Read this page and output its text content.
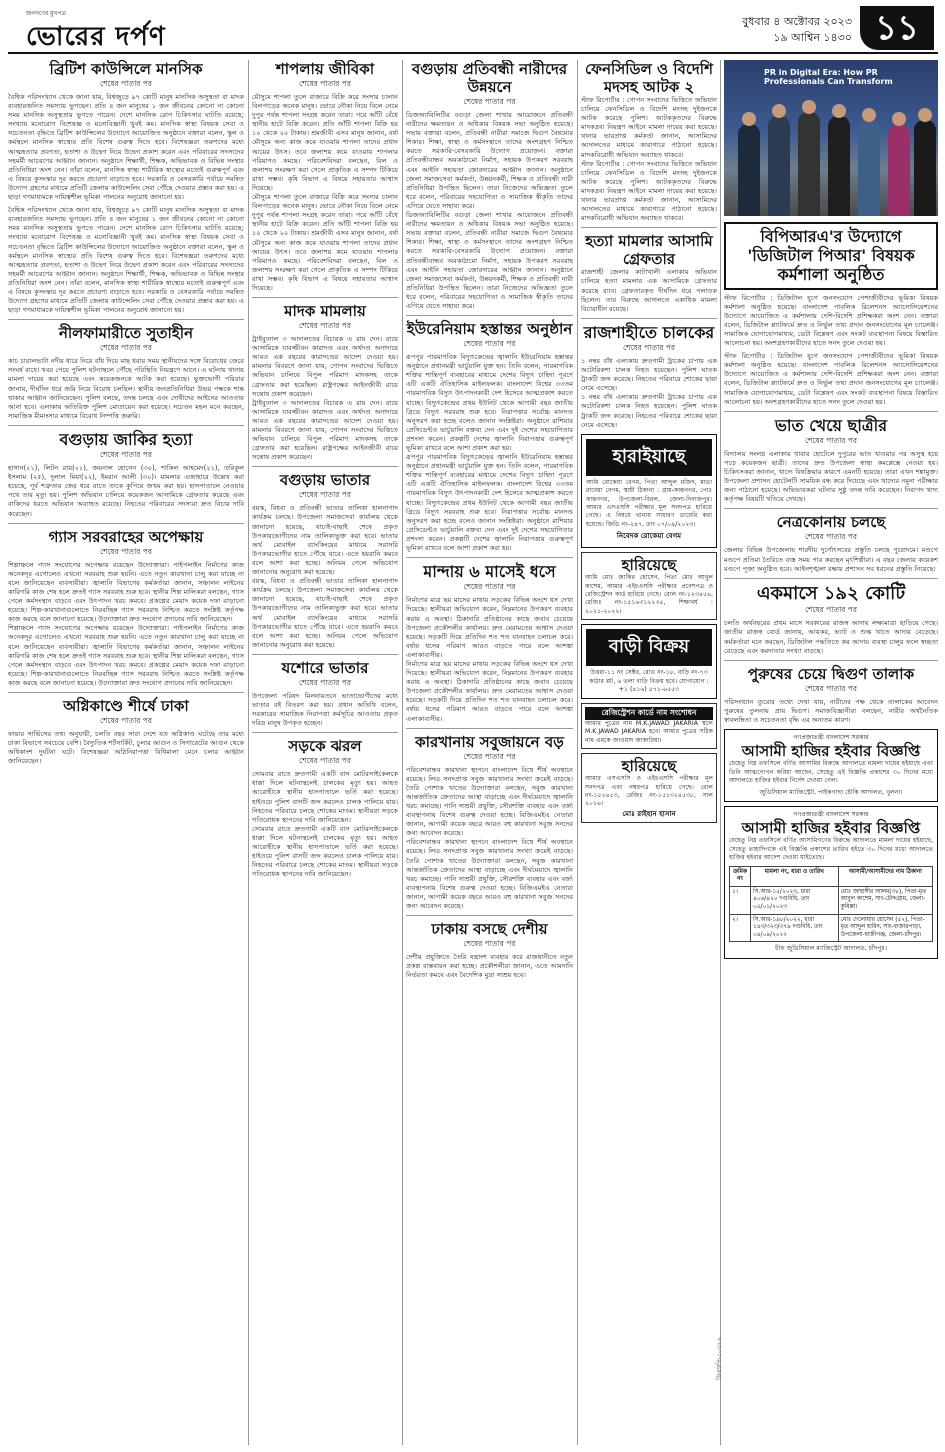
জনগণের মুখপত্র
ভোরের দর্পণ
বুধবার ৪ অক্টোবর ২০২৩
১৯ আশ্বিন ১৪৩০ ১১
ব্রিটিশ কাউন্সিলে মানসিক
শেষের পাতার পর
বৈশ্বিক পরিসংখ্যান থেকে জানা যায়, বিশ্বজুড়ে ৯৭ কোটি মানুষ মানসিক অসুস্থতা বা মাদক ব্যবহারজনিত সমস্যায় ভুগছেন। প্রতি ৪ জন মানুষের ১ জন জীবনের কোনো না কোনো সময় মানসিক অসুস্থতায় ভুগতে পারেন। দেশে মানসিক রোগ চিকিৎসার ঘাটতি রয়েছে; সংখ্যায় মনোরোগ বিশেষজ্ঞ ও মনোবিজ্ঞানী খুবই কম। মানসিক স্বাস্থ্য বিষয়ক সেবা ও সচেতনতা বৃদ্ধিতে ব্রিটিশ কাউন্সিলের উদ্যোগে আয়োজিত অনুষ্ঠানে বক্তারা বলেন, স্কুল ও কর্মস্থলে মানসিক স্বাস্থ্যের প্রতি বিশেষ গুরুত্ব দিতে হবে। বিশেষজ্ঞরা তরুণদের মধ্যে আত্মহত্যার প্রবণতা, হতাশা ও উদ্বেগ নিয়ে উদ্বেগ প্রকাশ করেন এবং পরিবারের সদস্যদের সহমর্মী আচরণের আহ্বান জানান। অনুষ্ঠানে শিক্ষার্থী, শিক্ষক, অভিভাবক ও বিভিন্ন সংস্থার প্রতিনিধিরা অংশ নেন। তাঁরা বলেন, মানসিক স্বাস্থ্য শারীরিক স্বাস্থ্যের মতোই গুরুত্বপূর্ণ এবং এ বিষয়ে কুসংস্কার দূর করতে প্রচারণা বাড়াতে হবে। সরকারি ও বেসরকারি পর্যায়ে সমন্বিত উদ্যোগ গ্রহণের মাধ্যমে প্রতিটি জেলায় কাউন্সেলিং সেবা পৌঁছে দেওয়ার প্রস্তাব করা হয়। এ ছাড়া গণমাধ্যমকে দায়িত্বশীল ভূমিকা পালনের অনুরোধ জানানো হয়।
বৈশ্বিক পরিসংখ্যান থেকে জানা যায়, বিশ্বজুড়ে ৯৭ কোটি মানুষ মানসিক অসুস্থতা বা মাদক ব্যবহারজনিত সমস্যায় ভুগছেন। প্রতি ৪ জন মানুষের ১ জন জীবনের কোনো না কোনো সময় মানসিক অসুস্থতায় ভুগতে পারেন। দেশে মানসিক রোগ চিকিৎসার ঘাটতি রয়েছে; সংখ্যায় মনোরোগ বিশেষজ্ঞ ও মনোবিজ্ঞানী খুবই কম। মানসিক স্বাস্থ্য বিষয়ক সেবা ও সচেতনতা বৃদ্ধিতে ব্রিটিশ কাউন্সিলের উদ্যোগে আয়োজিত অনুষ্ঠানে বক্তারা বলেন, স্কুল ও কর্মস্থলে মানসিক স্বাস্থ্যের প্রতি বিশেষ গুরুত্ব দিতে হবে। বিশেষজ্ঞরা তরুণদের মধ্যে আত্মহত্যার প্রবণতা, হতাশা ও উদ্বেগ নিয়ে উদ্বেগ প্রকাশ করেন এবং পরিবারের সদস্যদের সহমর্মী আচরণের আহ্বান জানান। অনুষ্ঠানে শিক্ষার্থী, শিক্ষক, অভিভাবক ও বিভিন্ন সংস্থার প্রতিনিধিরা অংশ নেন। তাঁরা বলেন, মানসিক স্বাস্থ্য শারীরিক স্বাস্থ্যের মতোই গুরুত্বপূর্ণ এবং এ বিষয়ে কুসংস্কার দূর করতে প্রচারণা বাড়াতে হবে। সরকারি ও বেসরকারি পর্যায়ে সমন্বিত উদ্যোগ গ্রহণের মাধ্যমে প্রতিটি জেলায় কাউন্সেলিং সেবা পৌঁছে দেওয়ার প্রস্তাব করা হয়। এ ছাড়া গণমাধ্যমকে দায়িত্বশীল ভূমিকা পালনের অনুরোধ জানানো হয়।
নীলফামারীতে সুতাহীন
শেষের পাতার পর
কাচ চারালভাটা নদীর ধারে নিয়ে বাঁধ দিয়ে মাছ ধরার সময় স্থানীয়দের সঙ্গে বিরোধের জেরে সংঘর্ষ বাধে। খবর পেয়ে পুলিশ ঘটনাস্থলে পৌঁছে পরিস্থিতি নিয়ন্ত্রণে আনে। এ ঘটনায় থানায় মামলা দায়ের করা হয়েছে এবং কয়েকজনকে আটক করা হয়েছে। ভুক্তভোগী পরিবার জানায়, দীর্ঘদিন ধরে জমি নিয়ে বিরোধ চলছিল। স্থানীয় জনপ্রতিনিধিরা উভয় পক্ষকে শান্ত থাকার আহ্বান জানিয়েছেন। পুলিশ বলছে, তদন্ত চলছে এবং দোষীদের আইনের আওতায় আনা হবে। এলাকায় অতিরিক্ত পুলিশ মোতায়েন করা হয়েছে। সচেতন মহল মনে করছেন, সামাজিক মীমাংসার মাধ্যমে বিরোধ নিষ্পত্তি জরুরি।
বগুড়ায় জাকির হত্যা
শেষের পাতার পর
হাসান(২১), লিটন রায়(২১), জয়নাল হোসেন (৩০), শাকিল আহমেদ(২১), তরিকুল ইসলাম (২৫), দুলাল মিয়া(২২), ইমরান আলী (৩০)। মামলার এজাহারে উল্লেখ করা হয়েছে, পূর্ব শত্রুতার জের ধরে রাতে তাকে কুপিয়ে জখম করা হয়। হাসপাতালে নেওয়ার পথে তার মৃত্যু হয়। পুলিশ অভিযান চালিয়ে কয়েকজন আসামিকে গ্রেফতার করেছে এবং বাকিদের ধরতে অভিযান অব্যাহত রয়েছে। নিহতের পরিবারের সদস্যরা দ্রুত বিচার দাবি করেছেন।
গ্যাস সরবরাহের অপেক্ষায়
শেষের পাতার পর
শিল্পাঞ্চলে গ্যাস সংযোগের অপেক্ষায় রয়েছেন উদ্যোক্তারা। পাইপলাইন নির্মাণের কাজ অনেকদূর এগোলেও এখনো সরবরাহ শুরু হয়নি। এতে নতুন কারখানা চালু করা যাচ্ছে না বলে জানিয়েছেন ব্যবসায়ীরা। জ্বালানি বিভাগের কর্মকর্তারা জানান, সঞ্চালন লাইনের কারিগরি কাজ শেষ হলে দ্রুতই গ্যাস সরবরাহ শুরু হবে। স্থানীয় শিল্প মালিকরা বলছেন, গ্যাস পেলে কর্মসংস্থান বাড়বে এবং উৎপাদন খরচ কমবে। প্রকল্পের মেয়াদ কয়েক দফা বাড়ানো হয়েছে। শিল্প-কারখানাগুলোতে নিরবচ্ছিন্ন গ্যাস সরবরাহ নিশ্চিত করতে সংশ্লিষ্ট কর্তৃপক্ষ কাজ করছে বলে জানানো হয়েছে। উদ্যোক্তারা দ্রুত সংযোগ প্রদানের দাবি জানিয়েছেন।
শিল্পাঞ্চলে গ্যাস সংযোগের অপেক্ষায় রয়েছেন উদ্যোক্তারা। পাইপলাইন নির্মাণের কাজ অনেকদূর এগোলেও এখনো সরবরাহ শুরু হয়নি। এতে নতুন কারখানা চালু করা যাচ্ছে না বলে জানিয়েছেন ব্যবসায়ীরা। জ্বালানি বিভাগের কর্মকর্তারা জানান, সঞ্চালন লাইনের কারিগরি কাজ শেষ হলে দ্রুতই গ্যাস সরবরাহ শুরু হবে। স্থানীয় শিল্প মালিকরা বলছেন, গ্যাস পেলে কর্মসংস্থান বাড়বে এবং উৎপাদন খরচ কমবে। প্রকল্পের মেয়াদ কয়েক দফা বাড়ানো হয়েছে। শিল্প-কারখানাগুলোতে নিরবচ্ছিন্ন গ্যাস সরবরাহ নিশ্চিত করতে সংশ্লিষ্ট কর্তৃপক্ষ কাজ করছে বলে জানানো হয়েছে। উদ্যোক্তারা দ্রুত সংযোগ প্রদানের দাবি জানিয়েছেন।
অগ্নিকাণ্ডে শীর্ষে ঢাকা
শেষের পাতার পর
ফায়ার সার্ভিসের তথ্য অনুযায়ী, চলতি বছর সারা দেশে যত অগ্নিকাণ্ড ঘটেছে তার মধ্যে ঢাকা বিভাগে সবচেয়ে বেশি। বৈদ্যুতিক শর্টসার্কিট, চুলার আগুন ও সিগারেটের আগুন থেকে অধিকাংশ দুর্ঘটনা ঘটে। বিশেষজ্ঞরা অগ্নিনিরাপত্তা বিধিমালা মেনে চলার আহ্বান জানিয়েছেন।
শাপলায় জীবিকা
শেষের পাতার পর
মৌসুমে শাপলা তুলে বাজারে বিক্রি করে সংসার চালান বিলপাড়ের অনেক মানুষ। ভোরে নৌকা নিয়ে বিলে নেমে দুপুর পর্যন্ত শাপলা সংগ্রহ করেন তারা। পরে আঁটি বেঁধে স্থানীয় হাটে বিক্রি করেন। প্রতি আঁটি শাপলা বিক্রি হয় ১০ থেকে ২০ টাকায়। শ্রমজীবী এসব মানুষ জানান, বর্ষা মৌসুমে অন্য কাজ কমে যাওয়ায় শাপলা তাদের প্রধান আয়ের উৎস। তবে জলাশয় কমে যাওয়ায় শাপলার পরিমাণও কমছে। পরিবেশবিদরা বলছেন, বিল ও জলাশয় সংরক্ষণ করা গেলে প্রাকৃতিক এ সম্পদ টিকিয়ে রাখা সম্ভব। কৃষি বিভাগ এ বিষয়ে সহায়তার আশ্বাস দিয়েছে।
মৌসুমে শাপলা তুলে বাজারে বিক্রি করে সংসার চালান বিলপাড়ের অনেক মানুষ। ভোরে নৌকা নিয়ে বিলে নেমে দুপুর পর্যন্ত শাপলা সংগ্রহ করেন তারা। পরে আঁটি বেঁধে স্থানীয় হাটে বিক্রি করেন। প্রতি আঁটি শাপলা বিক্রি হয় ১০ থেকে ২০ টাকায়। শ্রমজীবী এসব মানুষ জানান, বর্ষা মৌসুমে অন্য কাজ কমে যাওয়ায় শাপলা তাদের প্রধান আয়ের উৎস। তবে জলাশয় কমে যাওয়ায় শাপলার পরিমাণও কমছে। পরিবেশবিদরা বলছেন, বিল ও জলাশয় সংরক্ষণ করা গেলে প্রাকৃতিক এ সম্পদ টিকিয়ে রাখা সম্ভব। কৃষি বিভাগ এ বিষয়ে সহায়তার আশ্বাস দিয়েছে।
মাদক মামলায়
শেষের পাতার পর
ট্রাইব্যুনাল ৩ আদালতের বিচারক এ রায় দেন। রায়ে আসামিকে যাবজ্জীবন কারাদণ্ড এবং অর্থদণ্ড অনাদায়ে আরও এক বছরের কারাদণ্ডের আদেশ দেওয়া হয়। মামলার বিবরণে জানা যায়, গোপন সংবাদের ভিত্তিতে অভিযান চালিয়ে বিপুল পরিমাণ মাদকসহ তাকে গ্রেফতার করা হয়েছিল। রাষ্ট্রপক্ষের আইনজীবী রায়ে সন্তোষ প্রকাশ করেছেন।
ট্রাইব্যুনাল ৩ আদালতের বিচারক এ রায় দেন। রায়ে আসামিকে যাবজ্জীবন কারাদণ্ড এবং অর্থদণ্ড অনাদায়ে আরও এক বছরের কারাদণ্ডের আদেশ দেওয়া হয়। মামলার বিবরণে জানা যায়, গোপন সংবাদের ভিত্তিতে অভিযান চালিয়ে বিপুল পরিমাণ মাদকসহ তাকে গ্রেফতার করা হয়েছিল। রাষ্ট্রপক্ষের আইনজীবী রায়ে সন্তোষ প্রকাশ করেছেন।
বগুড়ায় ভাতার
শেষের পাতার পর
বয়স্ক, বিধবা ও প্রতিবন্ধী ভাতার তালিকা হালনাগাদ কার্যক্রম চলছে। উপজেলা সমাজসেবা কার্যালয় থেকে জানানো হয়েছে, যাচাই-বাছাই শেষে প্রকৃত উপকারভোগীদের নাম তালিকাভুক্ত করা হবে। ভাতার অর্থ মোবাইল ব্যাংকিংয়ের মাধ্যমে সরাসরি উপকারভোগীর হাতে পৌঁছে যাবে। এতে হয়রানি কমবে বলে আশা করা হচ্ছে। অনিয়ম পেলে অভিযোগ জানানোর অনুরোধ করা হয়েছে।
বয়স্ক, বিধবা ও প্রতিবন্ধী ভাতার তালিকা হালনাগাদ কার্যক্রম চলছে। উপজেলা সমাজসেবা কার্যালয় থেকে জানানো হয়েছে, যাচাই-বাছাই শেষে প্রকৃত উপকারভোগীদের নাম তালিকাভুক্ত করা হবে। ভাতার অর্থ মোবাইল ব্যাংকিংয়ের মাধ্যমে সরাসরি উপকারভোগীর হাতে পৌঁছে যাবে। এতে হয়রানি কমবে বলে আশা করা হচ্ছে। অনিয়ম পেলে অভিযোগ জানানোর অনুরোধ করা হয়েছে।
যশোরে ভাতার
শেষের পাতার পর
উপজেলা পরিষদ মিলনায়তনে ভাতাভোগীদের মধ্যে ভাতার বই বিতরণ করা হয়। প্রধান অতিথি বলেন, সরকারের সামাজিক নিরাপত্তা কর্মসূচির আওতায় প্রকৃত দরিদ্র মানুষ উপকৃত হচ্ছেন।
সড়কে ঝরল
শেষের পাতার পর
সোমবার রাতে দ্রুতগামী একটি বাস মোটরসাইকেলকে ধাক্কা দিলে ঘটনাস্থলেই চালকের মৃত্যু হয়। আহত আরোহীকে স্থানীয় হাসপাতালে ভর্তি করা হয়েছে। হাইওয়ে পুলিশ বাসটি জব্দ করলেও চালক পালিয়ে যায়। নিহতের পরিবারে চলছে শোকের মাতম। স্থানীয়রা সড়কে গতিরোধক স্থাপনের দাবি জানিয়েছেন।
সোমবার রাতে দ্রুতগামী একটি বাস মোটরসাইকেলকে ধাক্কা দিলে ঘটনাস্থলেই চালকের মৃত্যু হয়। আহত আরোহীকে স্থানীয় হাসপাতালে ভর্তি করা হয়েছে। হাইওয়ে পুলিশ বাসটি জব্দ করলেও চালক পালিয়ে যায়। নিহতের পরিবারে চলছে শোকের মাতম। স্থানীয়রা সড়কে গতিরোধক স্থাপনের দাবি জানিয়েছেন।
বগুড়ায় প্রতিবন্ধী নারীদের উন্নয়নে
শেষের পাতার পর
ডিজঅ্যাবিলিটির বগুড়া জেলা শাখার আয়োজনে প্রতিবন্ধী নারীদের ক্ষমতায়ন ও অধিকার বিষয়ক সভা অনুষ্ঠিত হয়েছে। সভায় বক্তারা বলেন, প্রতিবন্ধী নারীরা সমাজে দ্বিগুণ বৈষম্যের শিকার। শিক্ষা, স্বাস্থ্য ও কর্মসংস্থানে তাদের অংশগ্রহণ নিশ্চিত করতে সরকারি-বেসরকারি উদ্যোগ প্রয়োজন। বক্তারা প্রতিবন্ধীবান্ধব অবকাঠামো নির্মাণ, সহায়ক উপকরণ সরবরাহ এবং আইনি সহায়তা জোরদারের আহ্বান জানান। অনুষ্ঠানে জেলা সমাজসেবা কর্মকর্তা, উন্নয়নকর্মী, শিক্ষক ও প্রতিবন্ধী নারী প্রতিনিধিরা উপস্থিত ছিলেন। তারা নিজেদের অভিজ্ঞতা তুলে ধরে বলেন, পরিবারের সহযোগিতা ও সামাজিক স্বীকৃতি তাদের এগিয়ে যেতে সাহায্য করে।
ডিজঅ্যাবিলিটির বগুড়া জেলা শাখার আয়োজনে প্রতিবন্ধী নারীদের ক্ষমতায়ন ও অধিকার বিষয়ক সভা অনুষ্ঠিত হয়েছে। সভায় বক্তারা বলেন, প্রতিবন্ধী নারীরা সমাজে দ্বিগুণ বৈষম্যের শিকার। শিক্ষা, স্বাস্থ্য ও কর্মসংস্থানে তাদের অংশগ্রহণ নিশ্চিত করতে সরকারি-বেসরকারি উদ্যোগ প্রয়োজন। বক্তারা প্রতিবন্ধীবান্ধব অবকাঠামো নির্মাণ, সহায়ক উপকরণ সরবরাহ এবং আইনি সহায়তা জোরদারের আহ্বান জানান। অনুষ্ঠানে জেলা সমাজসেবা কর্মকর্তা, উন্নয়নকর্মী, শিক্ষক ও প্রতিবন্ধী নারী প্রতিনিধিরা উপস্থিত ছিলেন। তারা নিজেদের অভিজ্ঞতা তুলে ধরে বলেন, পরিবারের সহযোগিতা ও সামাজিক স্বীকৃতি তাদের এগিয়ে যেতে সাহায্য করে।
ইউরেনিয়াম হস্তান্তর অনুষ্ঠান
শেষের পাতার পর
রূপপুর পারমাণবিক বিদ্যুৎকেন্দ্রের জ্বালানি ইউরেনিয়াম হস্তান্তর অনুষ্ঠানে প্রধানমন্ত্রী ভার্চুয়ালি যুক্ত হন। তিনি বলেন, পারমাণবিক শক্তির শান্তিপূর্ণ ব্যবহারের মাধ্যমে দেশের বিদ্যুৎ চাহিদা পূরণে এটি একটি ঐতিহাসিক মাইলফলক। বাংলাদেশ বিশ্বের ৩৩তম পারমাণবিক বিদ্যুৎ উৎপাদনকারী দেশ হিসেবে আত্মপ্রকাশ করতে যাচ্ছে। বিদ্যুৎকেন্দ্রের প্রথম ইউনিট থেকে আগামী বছর জাতীয় গ্রিডে বিদ্যুৎ সরবরাহ শুরু হবে। নিরাপত্তার সর্বোচ্চ মানদণ্ড অনুসরণ করা হচ্ছে বলেও জানান সংশ্লিষ্টরা। অনুষ্ঠানে রাশিয়ার প্রেসিডেন্টও ভার্চুয়ালি বক্তব্য দেন এবং দুই দেশের সহযোগিতার প্রশংসা করেন। প্রকল্পটি দেশের জ্বালানি নিরাপত্তায় গুরুত্বপূর্ণ ভূমিকা রাখবে বলে আশা প্রকাশ করা হয়।
রূপপুর পারমাণবিক বিদ্যুৎকেন্দ্রের জ্বালানি ইউরেনিয়াম হস্তান্তর অনুষ্ঠানে প্রধানমন্ত্রী ভার্চুয়ালি যুক্ত হন। তিনি বলেন, পারমাণবিক শক্তির শান্তিপূর্ণ ব্যবহারের মাধ্যমে দেশের বিদ্যুৎ চাহিদা পূরণে এটি একটি ঐতিহাসিক মাইলফলক। বাংলাদেশ বিশ্বের ৩৩তম পারমাণবিক বিদ্যুৎ উৎপাদনকারী দেশ হিসেবে আত্মপ্রকাশ করতে যাচ্ছে। বিদ্যুৎকেন্দ্রের প্রথম ইউনিট থেকে আগামী বছর জাতীয় গ্রিডে বিদ্যুৎ সরবরাহ শুরু হবে। নিরাপত্তার সর্বোচ্চ মানদণ্ড অনুসরণ করা হচ্ছে বলেও জানান সংশ্লিষ্টরা। অনুষ্ঠানে রাশিয়ার প্রেসিডেন্টও ভার্চুয়ালি বক্তব্য দেন এবং দুই দেশের সহযোগিতার প্রশংসা করেন। প্রকল্পটি দেশের জ্বালানি নিরাপত্তায় গুরুত্বপূর্ণ ভূমিকা রাখবে বলে আশা প্রকাশ করা হয়।
মান্দায় ৬ মাসেই ধসে
শেষের পাতার পর
নির্মাণের মাত্র ছয় মাসের মাথায় সড়কের বিভিন্ন অংশে ধস দেখা দিয়েছে। স্থানীয়রা অভিযোগ করেন, নিম্নমানের উপকরণ ব্যবহার করায় এ অবস্থা। ঠিকাদারি প্রতিষ্ঠানের কাছে জবাব চেয়েছে উপজেলা প্রকৌশলীর কার্যালয়। দ্রুত মেরামতের আশ্বাস দেওয়া হয়েছে। সড়কটি দিয়ে প্রতিদিন শত শত যানবাহন চলাচল করে। বর্ষায় ধসের পরিমাণ আরও বাড়তে পারে বলে আশঙ্কা এলাকাবাসীর।
নির্মাণের মাত্র ছয় মাসের মাথায় সড়কের বিভিন্ন অংশে ধস দেখা দিয়েছে। স্থানীয়রা অভিযোগ করেন, নিম্নমানের উপকরণ ব্যবহার করায় এ অবস্থা। ঠিকাদারি প্রতিষ্ঠানের কাছে জবাব চেয়েছে উপজেলা প্রকৌশলীর কার্যালয়। দ্রুত মেরামতের আশ্বাস দেওয়া হয়েছে। সড়কটি দিয়ে প্রতিদিন শত শত যানবাহন চলাচল করে। বর্ষায় ধসের পরিমাণ আরও বাড়তে পারে বলে আশঙ্কা এলাকাবাসীর।
কারখানায় সবুজায়নে বড়
শেষের পাতার পর
পরিবেশবান্ধব কারখানা স্থাপনে বাংলাদেশ বিশ্বে শীর্ষ অবস্থানে রয়েছে। লিড সনদপ্রাপ্ত সবুজ কারখানার সংখ্যা ক্রমেই বাড়ছে। তৈরি পোশাক খাতের উদ্যোক্তারা বলছেন, সবুজ কারখানা আন্তর্জাতিক ক্রেতাদের আস্থা বাড়াচ্ছে এবং দীর্ঘমেয়াদে জ্বালানি খরচ কমাচ্ছে। পানি সাশ্রয়ী প্রযুক্তি, সৌরশক্তি ব্যবহার এবং বর্জ্য ব্যবস্থাপনায় বিশেষ গুরুত্ব দেওয়া হচ্ছে। বিজিএমইএ নেতারা জানান, আগামী কয়েক বছরে আরও বহু কারখানা সবুজ সনদের জন্য আবেদন করেছে।
পরিবেশবান্ধব কারখানা স্থাপনে বাংলাদেশ বিশ্বে শীর্ষ অবস্থানে রয়েছে। লিড সনদপ্রাপ্ত সবুজ কারখানার সংখ্যা ক্রমেই বাড়ছে। তৈরি পোশাক খাতের উদ্যোক্তারা বলছেন, সবুজ কারখানা আন্তর্জাতিক ক্রেতাদের আস্থা বাড়াচ্ছে এবং দীর্ঘমেয়াদে জ্বালানি খরচ কমাচ্ছে। পানি সাশ্রয়ী প্রযুক্তি, সৌরশক্তি ব্যবহার এবং বর্জ্য ব্যবস্থাপনায় বিশেষ গুরুত্ব দেওয়া হচ্ছে। বিজিএমইএ নেতারা জানান, আগামী কয়েক বছরে আরও বহু কারখানা সবুজ সনদের জন্য আবেদন করেছে।
ঢাকায় বসছে দেশীয়
শেষের পাতার পর
দেশীয় প্রযুক্তিতে তৈরি যন্ত্রাংশ ব্যবহার করে রাজধানীতে নতুন প্রকল্প বাস্তবায়ন করা হচ্ছে। প্রকৌশলীরা জানান, এতে আমদানি নির্ভরতা কমবে এবং বৈদেশিক মুদ্রা সাশ্রয় হবে।
ফেনসিডিল ও বিদেশি মদসহ আটক ২
স্টাফ রিপোর্টার : গোপন সংবাদের ভিত্তিতে অভিযান চালিয়ে ফেনসিডিল ও বিদেশি মদসহ দুইজনকে আটক করেছে পুলিশ। আটককৃতদের বিরুদ্ধে মাদকদ্রব্য নিয়ন্ত্রণ আইনে মামলা দায়ের করা হয়েছে। থানার ভারপ্রাপ্ত কর্মকর্তা জানান, আসামিদের আদালতের মাধ্যমে কারাগারে পাঠানো হয়েছে। মাদকবিরোধী অভিযান অব্যাহত থাকবে।
স্টাফ রিপোর্টার : গোপন সংবাদের ভিত্তিতে অভিযান চালিয়ে ফেনসিডিল ও বিদেশি মদসহ দুইজনকে আটক করেছে পুলিশ। আটককৃতদের বিরুদ্ধে মাদকদ্রব্য নিয়ন্ত্রণ আইনে মামলা দায়ের করা হয়েছে। থানার ভারপ্রাপ্ত কর্মকর্তা জানান, আসামিদের আদালতের মাধ্যমে কারাগারে পাঠানো হয়েছে। মাদকবিরোধী অভিযান অব্যাহত থাকবে।
হত্যা মামলার আসামি গ্রেফতার
রাজশাহী জেলার কাটাখালী এলাকায় অভিযান চালিয়ে হত্যা মামলার এক আসামিকে গ্রেফতার করেছে র‍্যাব। গ্রেফতারকৃত দীর্ঘদিন ধরে পলাতক ছিলেন। তার বিরুদ্ধে আদালতে একাধিক মামলা বিচারাধীন রয়েছে।
রাজশাহীতে চালকের
শেষের পাতার পর
১ নম্বর বাঁধ এলাকায় দ্রুতগামী ট্রাকের চাপায় এক অটোরিকশা চালক নিহত হয়েছেন। পুলিশ ঘাতক ট্রাকটি জব্দ করেছে। নিহতের পরিবারে শোকের ছায়া নেমে এসেছে।
১ নম্বর বাঁধ এলাকায় দ্রুতগামী ট্রাকের চাপায় এক অটোরিকশা চালক নিহত হয়েছেন। পুলিশ ঘাতক ট্রাকটি জব্দ করেছে। নিহতের পরিবারে শোকের ছায়া নেমে এসেছে।
হারাইয়াছে
আমি রোকেয়া বেগম, পিতা আব্দুল মজিদ, মাতা রাবেয়া বেগম, স্থায়ী ঠিকানা : গ্রাম-কান্তনগর, পোঃ কান্তনগর, উপজেলা-বিরল, জেলা-দিনাজপুর। আমার এসএসসি পরীক্ষার মূল সনদপত্র হারিয়ে গেছে। এ বিষয়ে থানায় সাধারণ ডায়েরি করা হয়েছে। জিডি নং-২৪৭, তাং ০৭/০৯/২০২৩।
নিবেদক রোকেয়া বেগম
হারিয়েছে
আমি মোঃ জাকির হোসেন, পিতা মোঃ আবুল কাশেম, আমার এইচএসসি পরীক্ষার প্রবেশপত্র ও রেজিস্ট্রেশন কার্ড হারিয়ে গেছে। রোল নং-১২৩৪৫৬, রেজিঃ নং-১৫১৬৩১২২৩৫, শিক্ষাবর্ষ : ২০২১-২০২২।
বাড়ী বিক্রয়
উত্তরা-১১ নং সেক্টর, রোড নং-১৮, বাড়ি নং-৭৩ কাঠার প্লট, ৬ তলা বাড়ি বিক্রয় হবে। যোগাযোগ : +১ (৪১৬) ৫৭১-৬৫৫৩
রেজিস্ট্রেশন কার্ডে নাম সংশোধন
আমার পুত্রের নাম M.K.JAWAD JAKARIA স্থলে M.K.JAWAD JAKARIA হবে। আমার পুত্রের সঠিক নাম এমকে জাওয়াদ জাকারিয়া।
হারিয়েছে
আমার এসএসসি ও এইচএসসি পরীক্ষার মূল সনদপত্র এবং নম্বরপত্র হারিয়ে গেছে। রোল নং-১৫২৪৫৩, রেজিঃ নং-১৫১৩২৪৫৩৮, সাল ২০১৬।
মোঃ রাইহান হাসান
PR in Digital Era: How PR Professionals Can Transform
বিপিআরএ'র উদ্যোগে 'ডিজিটাল পিআর' বিষয়ক কর্মশালা অনুষ্ঠিত
স্টাফ রিপোর্টার : ডিজিটাল যুগে জনসংযোগ পেশাজীবীদের ভূমিকা বিষয়ক কর্মশালা অনুষ্ঠিত হয়েছে। বাংলাদেশ পাবলিক রিলেশনস অ্যাসোসিয়েশনের উদ্যোগে আয়োজিত এ কর্মশালায় দেশি-বিদেশি প্রশিক্ষকরা অংশ নেন। বক্তারা বলেন, ডিজিটাল প্ল্যাটফর্মে দ্রুত ও নির্ভুল তথ্য প্রদান জনসংযোগের মূল চ্যালেঞ্জ। সামাজিক যোগাযোগমাধ্যম, ডেটা বিশ্লেষণ এবং সংকট ব্যবস্থাপনা বিষয়ে বিস্তারিত আলোচনা হয়। অংশগ্রহণকারীদের হাতে সনদ তুলে দেওয়া হয়।
স্টাফ রিপোর্টার : ডিজিটাল যুগে জনসংযোগ পেশাজীবীদের ভূমিকা বিষয়ক কর্মশালা অনুষ্ঠিত হয়েছে। বাংলাদেশ পাবলিক রিলেশনস অ্যাসোসিয়েশনের উদ্যোগে আয়োজিত এ কর্মশালায় দেশি-বিদেশি প্রশিক্ষকরা অংশ নেন। বক্তারা বলেন, ডিজিটাল প্ল্যাটফর্মে দ্রুত ও নির্ভুল তথ্য প্রদান জনসংযোগের মূল চ্যালেঞ্জ। সামাজিক যোগাযোগমাধ্যম, ডেটা বিশ্লেষণ এবং সংকট ব্যবস্থাপনা বিষয়ে বিস্তারিত আলোচনা হয়। অংশগ্রহণকারীদের হাতে সনদ তুলে দেওয়া হয়।
ভাত খেয়ে ছাত্রীর
শেষের পাতার পর
বিদ্যালয় সংলগ্ন এলাকার খাবার হোটেলে দুপুরের ভাত খাওয়ার পর অসুস্থ হয়ে পড়ে কয়েকজন ছাত্রী। তাদের দ্রুত উপজেলা স্বাস্থ্য কমপ্লেক্সে নেওয়া হয়। চিকিৎসকরা জানান, খাদ্যে বিষক্রিয়ার কারণে এমনটি হয়েছে। তারা এখন শঙ্কামুক্ত। উপজেলা প্রশাসন হোটেলটি সাময়িক বন্ধ করে দিয়েছে এবং খাদ্যের নমুনা পরীক্ষার জন্য পাঠানো হয়েছে। অভিভাবকরা ঘটনার সুষ্ঠু তদন্ত দাবি করেছেন। নিরাপদ খাদ্য কর্তৃপক্ষ বিষয়টি খতিয়ে দেখছে।
নেত্রকোনায় চলছে
শেষের পাতার পর
জেলার বিভিন্ন উপজেলায় শারদীয় দুর্গোৎসবের প্রস্তুতি চলছে পুরোদমে। মণ্ডপে মণ্ডপে প্রতিমা তৈরিতে ব্যস্ত সময় পার করছেন মৃৎশিল্পীরা। এ বছর জেলায় কয়েকশ মণ্ডপে পূজা অনুষ্ঠিত হবে। আইনশৃঙ্খলা রক্ষায় প্রশাসন সব ধরনের প্রস্তুতি নিয়েছে।
একমাসে ১৯২ কোটি
শেষের পাতার পর
চলতি অর্থবছরের প্রথম মাসে সরকারের রাজস্ব আদায় লক্ষ্যমাত্রা ছাড়িয়ে গেছে। জাতীয় রাজস্ব বোর্ড জানায়, আয়কর, ভ্যাট ও শুল্ক খাতে আদায় বেড়েছে। কর্মকর্তারা মনে করছেন, ডিজিটাল পদ্ধতিতে কর আদায় ব্যবস্থা চালুর ফলে স্বচ্ছতা বেড়েছে এবং করদাতার সংখ্যা বাড়ছে।
পুরুষের চেয়ে দ্বিগুণ তালাক
শেষের পাতার পর
পরিসংখ্যান ব্যুরোর তথ্যে দেখা যায়, নারীদের পক্ষ থেকে তালাকের আবেদন পুরুষের তুলনায় প্রায় দ্বিগুণ। সমাজবিজ্ঞানীরা বলছেন, নারীর অর্থনৈতিক স্বাবলম্বিতা ও সচেতনতা বৃদ্ধি এর অন্যতম কারণ।
গণপ্রজাতন্ত্রী বাংলাদেশ সরকার
আসামী হাজির হইবার বিজ্ঞপ্তি
যেহেতু নিম্ন তফসিলে বর্ণিত আসামির বিরুদ্ধে আদালতে মামলা দায়ের হইয়াছে এবং তিনি আত্মগোপন করিয়া আছেন, সেহেতু এই বিজ্ঞপ্তি প্রকাশের ৩০ দিনের মধ্যে আদালতে হাজির হইবার নির্দেশ দেওয়া গেল।
জুডিসিয়াল ম্যাজিস্ট্রেট, পাইকগাছা চৌকি আদালত, খুলনা।
গণপ্রজাতন্ত্রী বাংলাদেশ সরকার
আসামী হাজির হইবার বিজ্ঞপ্তি
যেহেতু নিম্ন তফসিলে বর্ণিত আসামিগণের বিরুদ্ধে আদালতে মামলা দায়ের হইয়াছে, সেহেতু তাহাদিগকে এই বিজ্ঞপ্তি প্রকাশের তারিখ হইতে ৩০ দিনের মধ্যে আদালতে হাজির হইবার আদেশ দেওয়া যাইতেছে।
ক্রমিক নং	মামলা নং, ধারা ও তারিখ	আসামী/আসামীদের নাম ঠিকানা
১।	সি.আর-১৫/২০২৩, ধারা ৪০৬/৪২০ দণ্ডবিধি, তাং ০৫/০১/২০২৩	মোঃ জাহাঙ্গীর আলম(৩৮), পিতা-মৃত আবুল কাশেম, সাং-চৌদ্দগ্রাম, জেলা-কুমিল্লা।
২।	সি.আর-১৯৮/২০২২, ধারা ১৪৩/৩২৩/৩৭৯ দণ্ডবিধি, তাং ০৪/০৯/২০২২	মোঃ দেলোয়ার হোসেন (৫২), পিতা-মৃত আব্দুল হামিদ, সাং-বাজারপাড়া, উপজেলা-হাজীগঞ্জ, জেলা-চাঁদপুর।
চীফ জুডিসিয়াল ম্যাজিস্ট্রেট আদালত, চাঁদপুর।
ডিএফপি-১০৩২৬
